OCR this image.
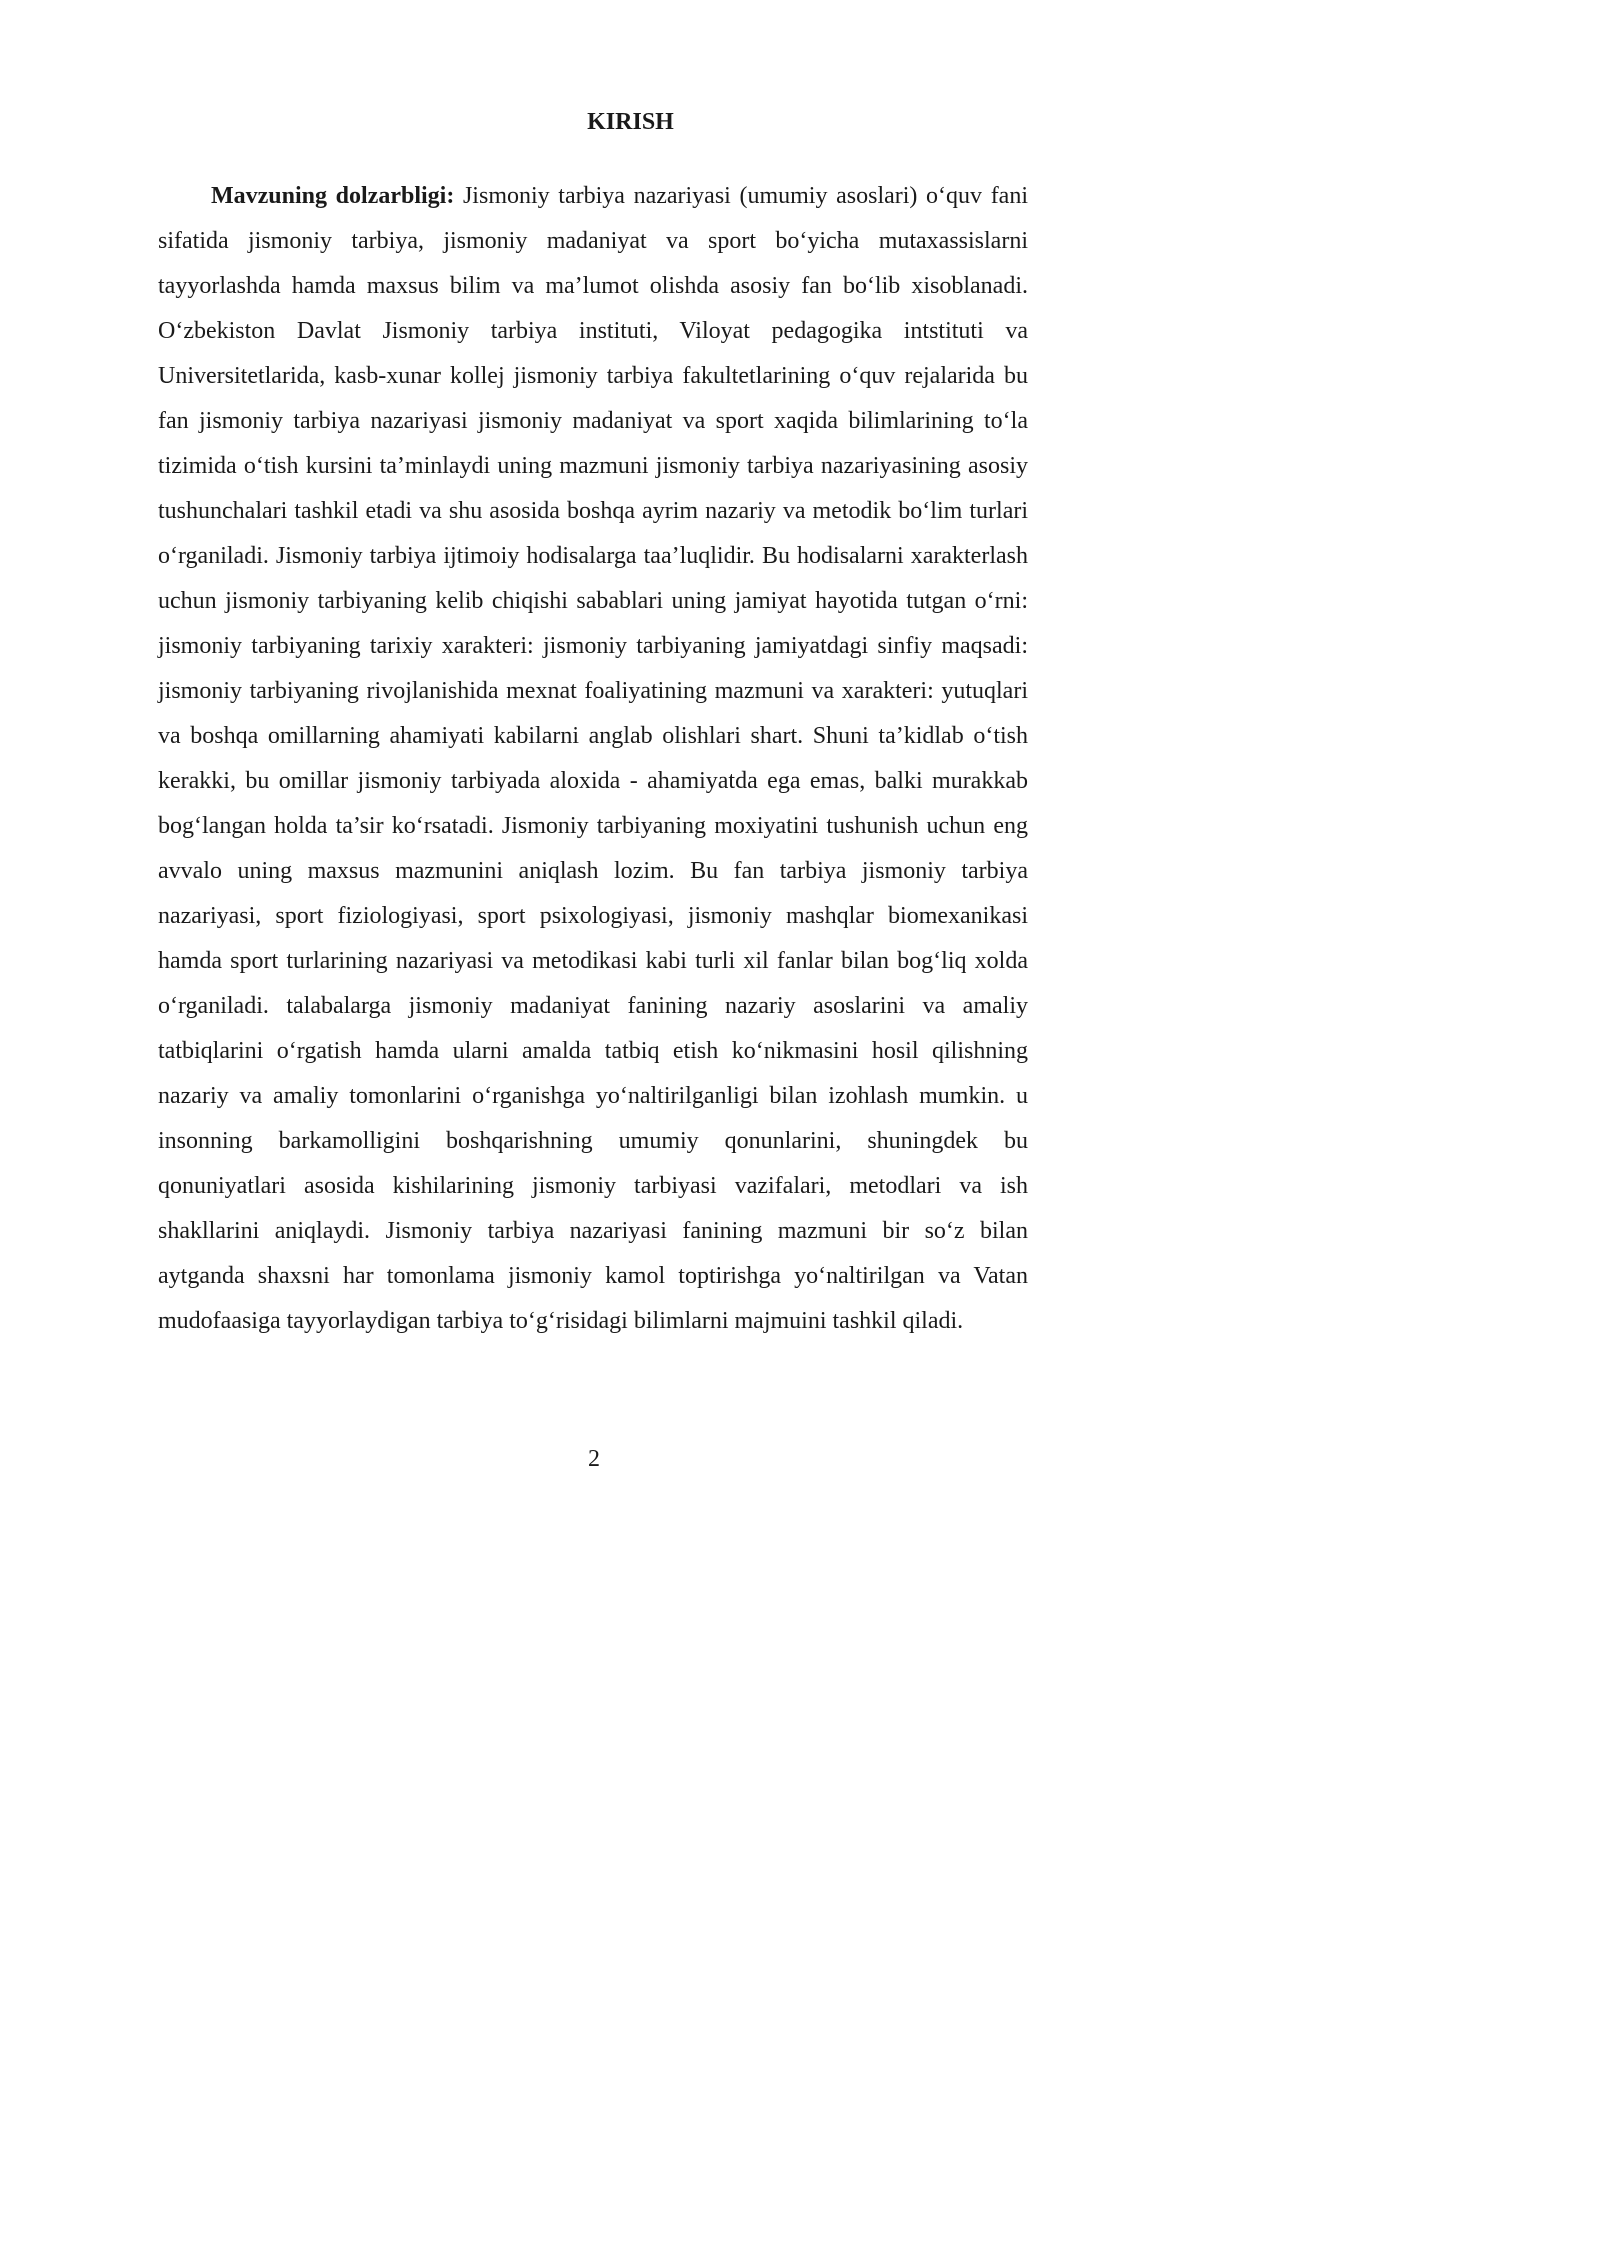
KIRISH

Mavzuning dolzarbligi: Jismoniy tarbiya nazariyasi (umumiy asoslari) o‘quv fani sifatida jismoniy tarbiya, jismoniy madaniyat va sport bo‘yicha mutaxassislarni tayyorlashda hamda maxsus bilim va ma’lumot olishda asosiy fan bo‘lib xisoblanadi. O‘zbekiston Davlat Jismoniy tarbiya instituti, Viloyat pedagogika intstituti va Universitetlarida, kasb-xunar kollej jismoniy tarbiya fakultetlarining o‘quv rejalarida bu fan jismoniy tarbiya nazariyasi jismoniy madaniyat va sport xaqida bilimlarining to‘la tizimida o‘tish kursini ta’minlaydi uning mazmuni jismoniy tarbiya nazariyasining asosiy tushunchalari tashkil etadi va shu asosida boshqa ayrim nazariy va metodik bo‘lim turlari o‘rganiladi. Jismoniy tarbiya ijtimoiy hodisalarga taa’luqlidir. Bu hodisalarni xarakterlash uchun jismoniy tarbiyaning kelib chiqishi sabablari uning jamiyat hayotida tutgan o‘rni: jismoniy tarbiyaning tarixiy xarakteri: jismoniy tarbiyaning jamiyatdagi sinfiy maqsadi: jismoniy tarbiyaning rivojlanishida mexnat foaliyatining mazmuni va xarakteri: yutuqlari va boshqa omillarning ahamiyati kabilarni anglab olishlari shart. Shuni ta’kidlab o‘tish kerakki, bu omillar jismoniy tarbiyada aloxida - ahamiyatda ega emas, balki murakkab bog‘langan holda ta’sir ko‘rsatadi. Jismoniy tarbiyaning moxiyatini tushunish uchun eng avvalo uning maxsus mazmunini aniqlash lozim. Bu fan tarbiya jismoniy tarbiya nazariyasi, sport fiziologiyasi, sport psixologiyasi, jismoniy mashqlar biomexanikasi hamda sport turlarining nazariyasi va metodikasi kabi turli xil fanlar bilan bog‘liq xolda o‘rganiladi. talabalarga jismoniy madaniyat fanining nazariy asoslarini va amaliy tatbiqlarini o‘rgatish hamda ularni amalda tatbiq etish ko‘nikmasini hosil qilishning nazariy va amaliy tomonlarini o‘rganishga yo‘naltirilganligi bilan izohlash mumkin. u insonning barkamolligini boshqarishning umumiy qonunlarini, shuningdek bu qonuniyatlari asosida kishilarining jismoniy tarbiyasi vazifalari, metodlari va ish shakllarini aniqlaydi. Jismoniy tarbiya nazariyasi fanining mazmuni bir so‘z bilan aytganda shaxsni har tomonlama jismoniy kamol toptirishga yo‘naltirilgan va Vatan mudofaasiga tayyorlaydigan tarbiya to‘g‘risidagi bilimlarni majmuini tashkil qiladi.

2
